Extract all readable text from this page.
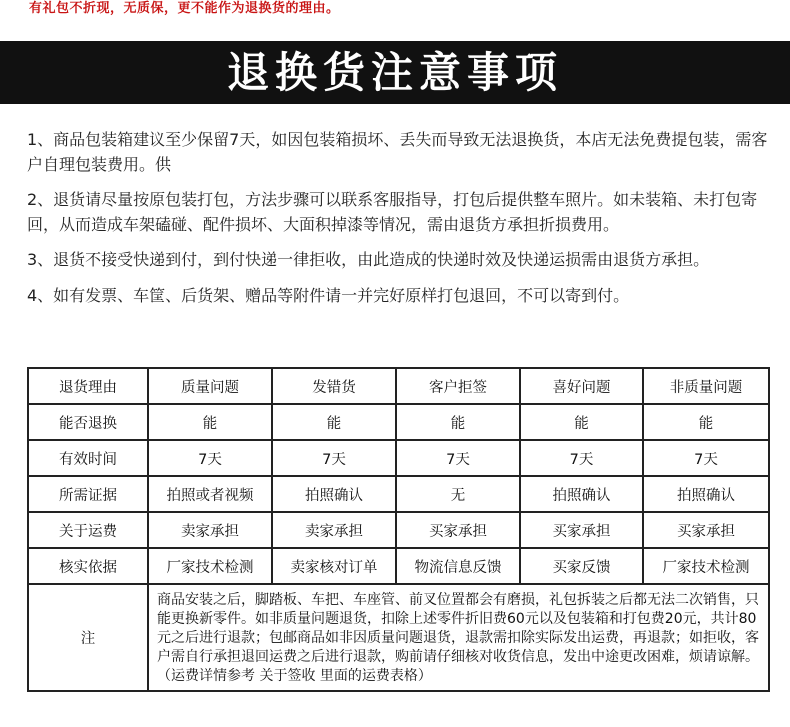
有礼包不折现，无质保，更不能作为退换货的理由。
退换货注意事项

1、商品包装箱建议至少保留7天，如因包装箱损坏、丢失而导致无法退换货，本店无法免费提包装，需客户自理包装费用。供

2、退货请尽量按原包装打包，方法步骤可以联系客服指导，打包后提供整车照片。如未装箱、未打包寄回，从而造成车架磕碰、配件损坏、大面积掉漆等情况，需由退货方承担折损费用。

3、退货不接受快递到付，到付快递一律拒收，由此造成的快递时效及快递运损需由退货方承担。

4、如有发票、车筐、后货架、赠品等附件请一并完好原样打包退回，不可以寄到付。

退货理由	质量问题	发错货	客户拒签	喜好问题	非质量问题
能否退换	能	能	能	能	能
有效时间	7天	7天	7天	7天	7天
所需证据	拍照或者视频	拍照确认	无	拍照确认	拍照确认
关于运费	卖家承担	卖家承担	买家承担	买家承担	买家承担
核实依据	厂家技术检测	卖家核对订单	物流信息反馈	买家反馈	厂家技术检测
注	商品安装之后，脚踏板、车把、车座管、前叉位置都会有磨损，礼包拆装之后都无法二次销售，只能更换新零件。如非质量问题退货，扣除上述零件折旧费60元以及包装箱和打包费20元，共计80元之后进行退款；包邮商品如非因质量问题退货，退款需扣除实际发出运费，再退款；如拒收，客户需自行承担退回运费之后进行退款，购前请仔细核对收货信息，发出中途更改困难，烦请谅解。（运费详情参考 关于签收 里面的运费表格）				
